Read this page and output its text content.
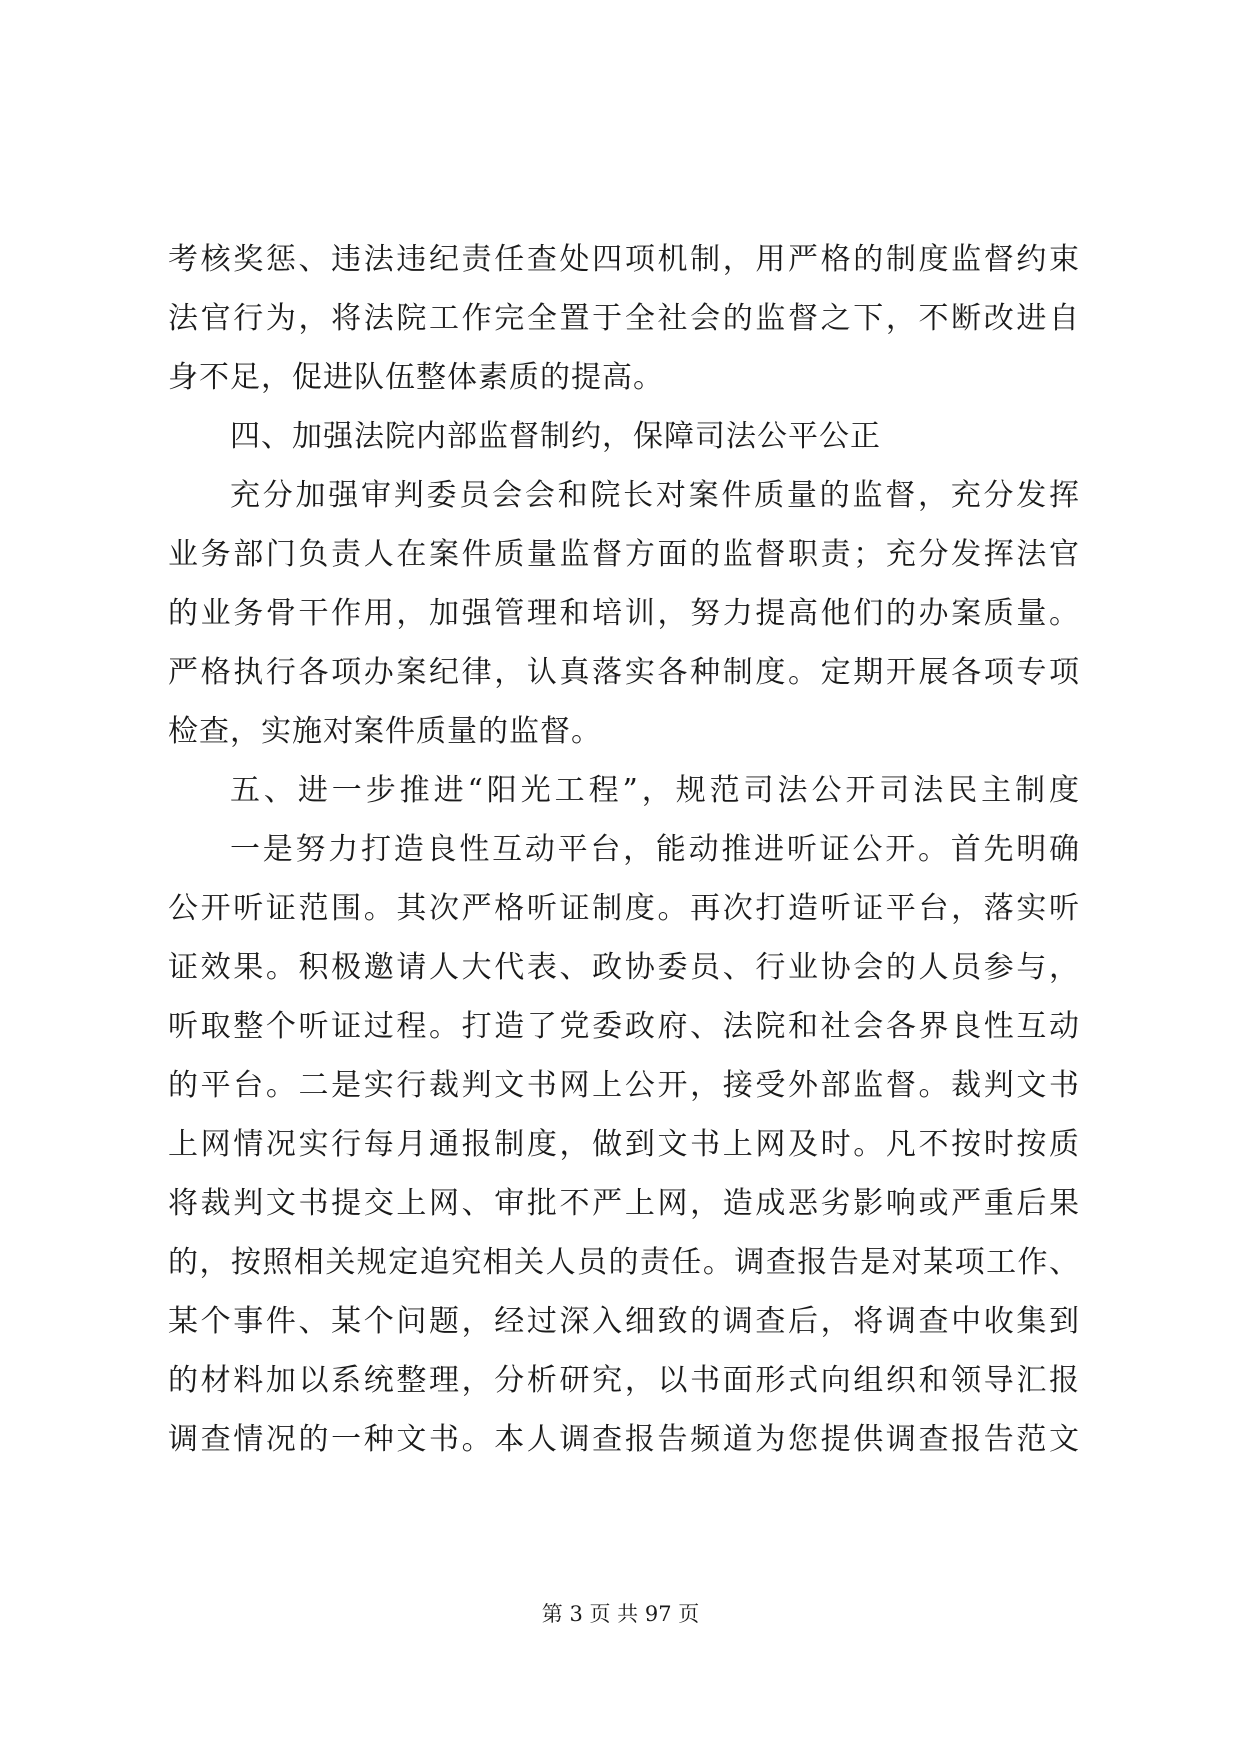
考核奖惩、违法违纪责任查处四项机制，用严格的制度监督约束
法官行为，将法院工作完全置于全社会的监督之下，不断改进自
身不足，促进队伍整体素质的提高。
四、加强法院内部监督制约，保障司法公平公正
充分加强审判委员会会和院长对案件质量的监督，充分发挥
业务部门负责人在案件质量监督方面的监督职责；充分发挥法官
的业务骨干作用，加强管理和培训，努力提高他们的办案质量。
严格执行各项办案纪律，认真落实各种制度。定期开展各项专项
检查，实施对案件质量的监督。
五、进一步推进“阳光工程”，规范司法公开司法民主制度
一是努力打造良性互动平台，能动推进听证公开。首先明确
公开听证范围。其次严格听证制度。再次打造听证平台，落实听
证效果。积极邀请人大代表、政协委员、行业协会的人员参与，
听取整个听证过程。打造了党委政府、法院和社会各界良性互动
的平台。二是实行裁判文书网上公开，接受外部监督。裁判文书
上网情况实行每月通报制度，做到文书上网及时。凡不按时按质
将裁判文书提交上网、审批不严上网，造成恶劣影响或严重后果
的，按照相关规定追究相关人员的责任。调查报告是对某项工作、
某个事件、某个问题，经过深入细致的调查后，将调查中收集到
的材料加以系统整理，分析研究，以书面形式向组织和领导汇报
调查情况的一种文书。本人调查报告频道为您提供调查报告范文
第 3 页 共 97 页
